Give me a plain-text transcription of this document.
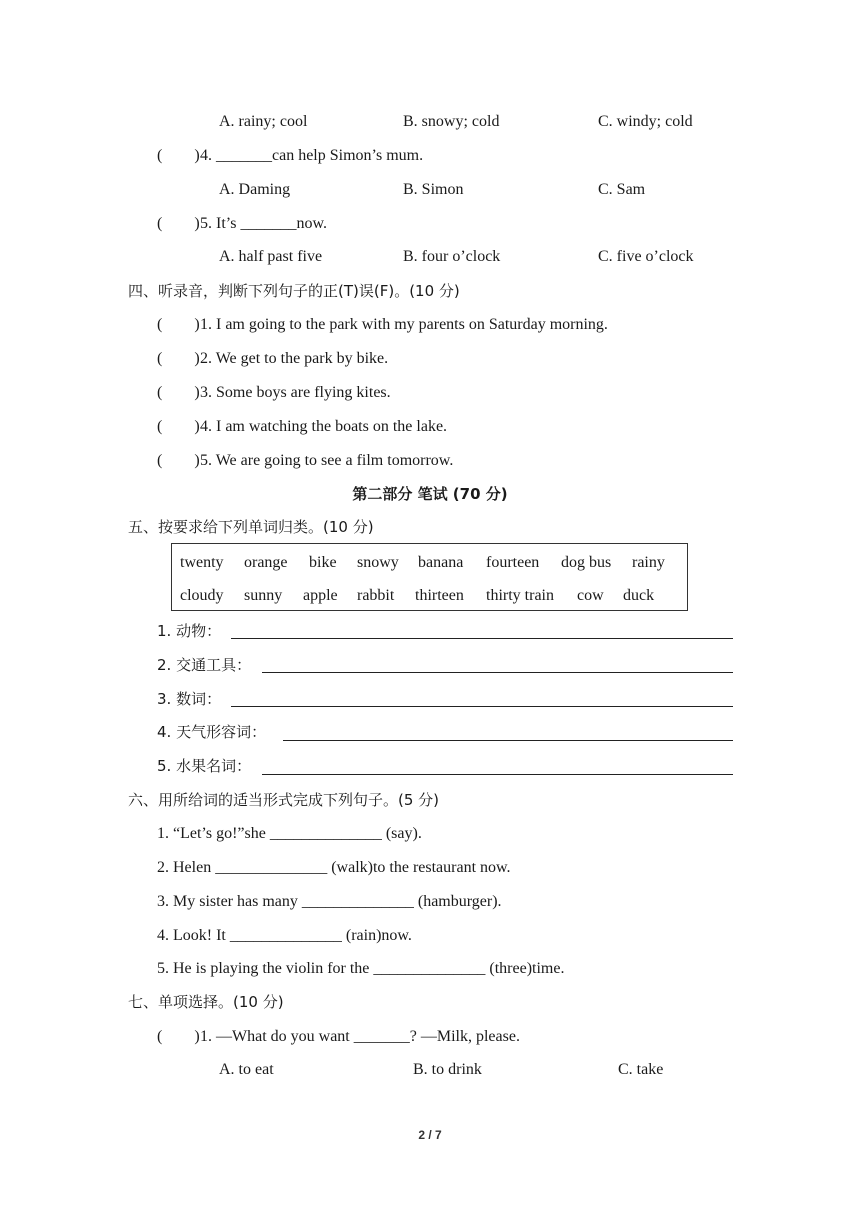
A. rainy; cool	B. snowy; cold	C. windy; cold
(        ) 4. _______can help Simon’s mum.
A. Daming	B. Simon	C. Sam
(        ) 5. It’s _______now.
A. half past five	B. four o’clock	C. five o’clock
四、听录音，判断下列句子的正(T)误(F)。(10 分)
(        ) 1. I am going to the park with my parents on Saturday morning.
(        ) 2. We get to the park by bike.
(        ) 3. Some boys are flying kites.
(        ) 4. I am watching the boats on the lake.
(        ) 5. We are going to see a film tomorrow.
第二部分 笔试 (70 分)
五、按要求给下列单词归类。(10 分)
twenty orange bike snowy banana fourteen dog bus rainy
cloudy sunny apple rabbit thirteen thirty train cow duck
1. 动物：
2. 交通工具：
3. 数词：
4. 天气形容词：
5. 水果名词：
六、用所给词的适当形式完成下列句子。(5 分)
1. “Let’s go!”she ______________ (say).
2. Helen ______________ (walk)to the restaurant now.
3. My sister has many ______________ (hamburger).
4. Look! It ______________ (rain)now.
5. He is playing the violin for the ______________ (three)time.
七、单项选择。(10 分)
(        ) 1. —What do you want _______? —Milk, please.
A. to eat	B. to drink	C. take
2 / 7
